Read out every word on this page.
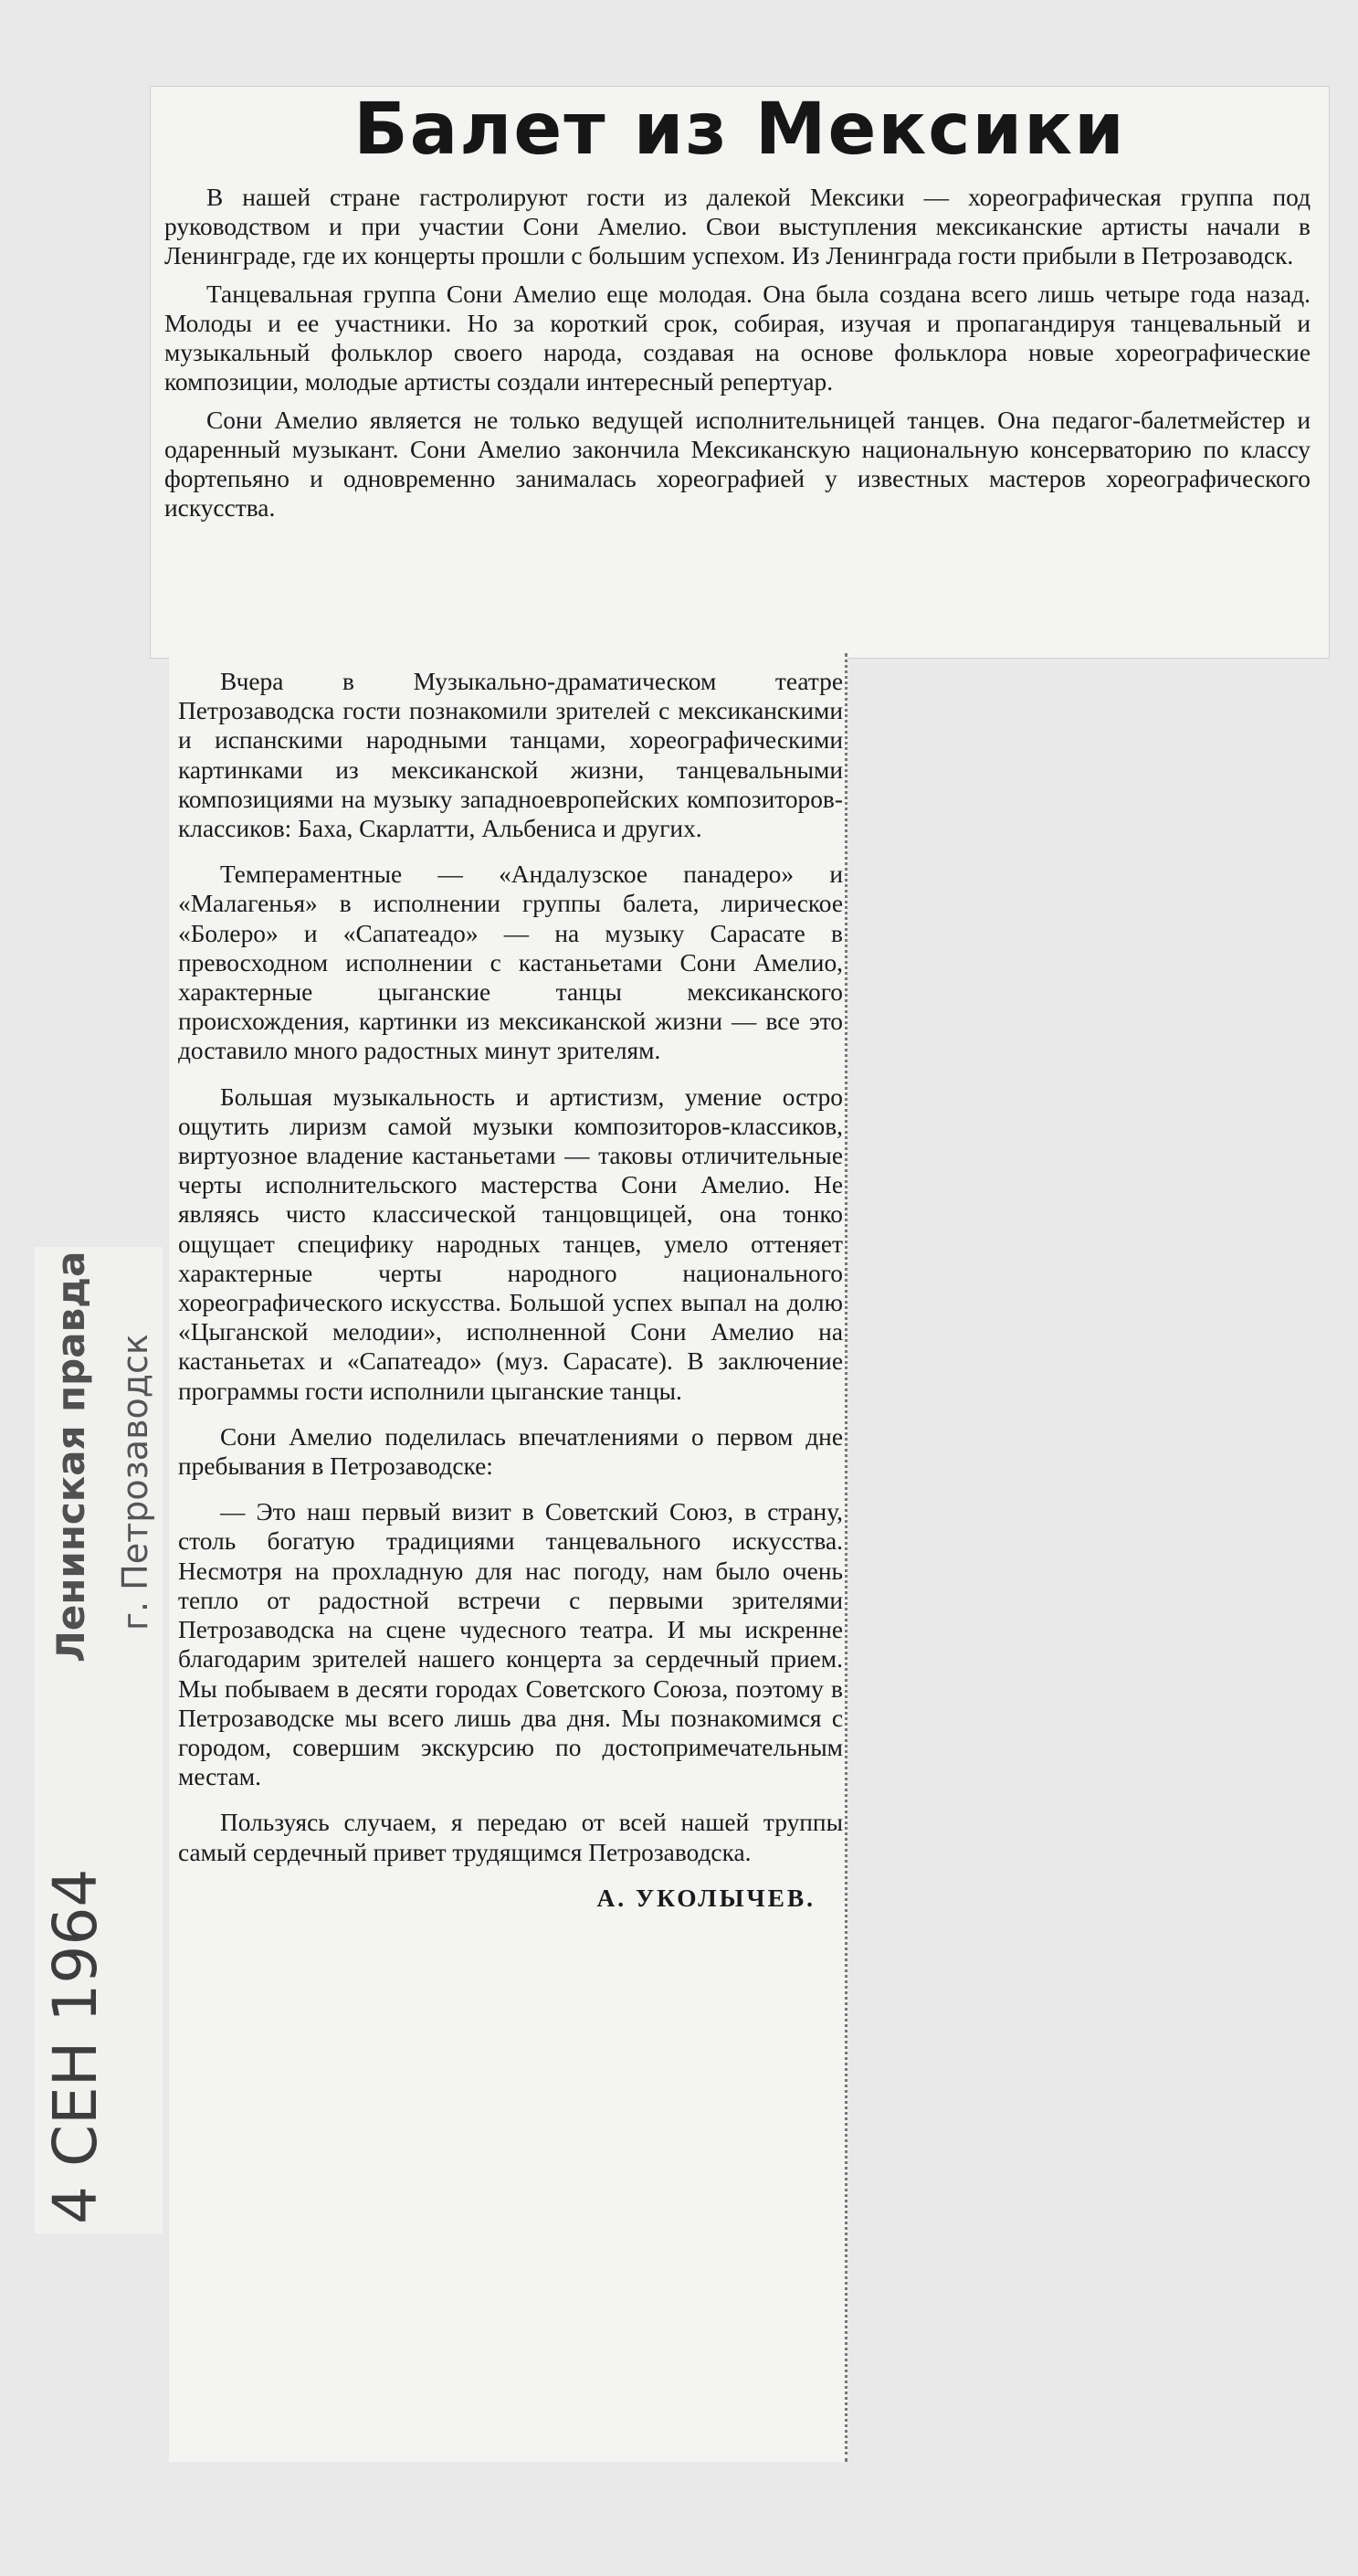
Балет из Мексики

В нашей стране гастролируют гости из далекой Мексики — хореографическая группа под руководством и при участии Сони Амелио. Свои выступления мексиканские артисты начали в Ленинграде, где их концерты прошли с большим успехом. Из Ленинграда гости прибыли в Петрозаводск.

Танцевальная группа Сони Амелио еще молодая. Она была создана всего лишь четыре года назад. Молоды и ее участники. Но за короткий срок, собирая, изучая и пропагандируя танцевальный и музыкальный фольклор своего народа, создавая на основе фольклора новые хореографические композиции, молодые артисты создали интересный репертуар.

Сони Амелио является не только ведущей исполнительницей танцев. Она педагог-балетмейстер и одаренный музыкант. Сони Амелио закончила Мексиканскую национальную консерваторию по классу фортепьяно и одновременно занималась хореографией у известных мастеров хореографического искусства.

Вчера в Музыкально-драматическом театре Петрозаводска гости познакомили зрителей с мексиканскими и испанскими народными танцами, хореографическими картинками из мексиканской жизни, танцевальными композициями на музыку западноевропейских композиторов-классиков: Баха, Скарлатти, Альбениса и других.

Темпераментные — «Андалузское панадеро» и «Малагенья» в исполнении группы балета, лирическое «Болеро» и «Сапатеадо» — на музыку Сарасате в превосходном исполнении с кастаньетами Сони Амелио, характерные цыганские танцы мексиканского происхождения, картинки из мексиканской жизни — все это доставило много радостных минут зрителям.

Большая музыкальность и артистизм, умение остро ощутить лиризм самой музыки композиторов-классиков, виртуозное владение кастаньетами — таковы отличительные черты исполнительского мастерства Сони Амелио. Не являясь чисто классической танцовщицей, она тонко ощущает специфику народных танцев, умело оттеняет характерные черты народного национального хореографического искусства. Большой успех выпал на долю «Цыганской мелодии», исполненной Сони Амелио на кастаньетах и «Сапатеадо» (муз. Сарасате). В заключение программы гости исполнили цыганские танцы.

Сони Амелио поделилась впечатлениями о первом дне пребывания в Петрозаводске:

— Это наш первый визит в Советский Союз, в страну, столь богатую традициями танцевального искусства. Несмотря на прохладную для нас погоду, нам было очень тепло от радостной встречи с первыми зрителями Петрозаводска на сцене чудесного театра. И мы искренне благодарим зрителей нашего концерта за сердечный прием. Мы побываем в десяти городах Советского Союза, поэтому в Петрозаводске мы всего лишь два дня. Мы познакомимся с городом, совершим экскурсию по достопримечательным местам.

Пользуясь случаем, я передаю от всей нашей труппы самый сердечный привет трудящимся Петрозаводска.

А. УКОЛЫЧЕВ.

Ленинская правда г. Петрозаводск
4 СЕН 1964
